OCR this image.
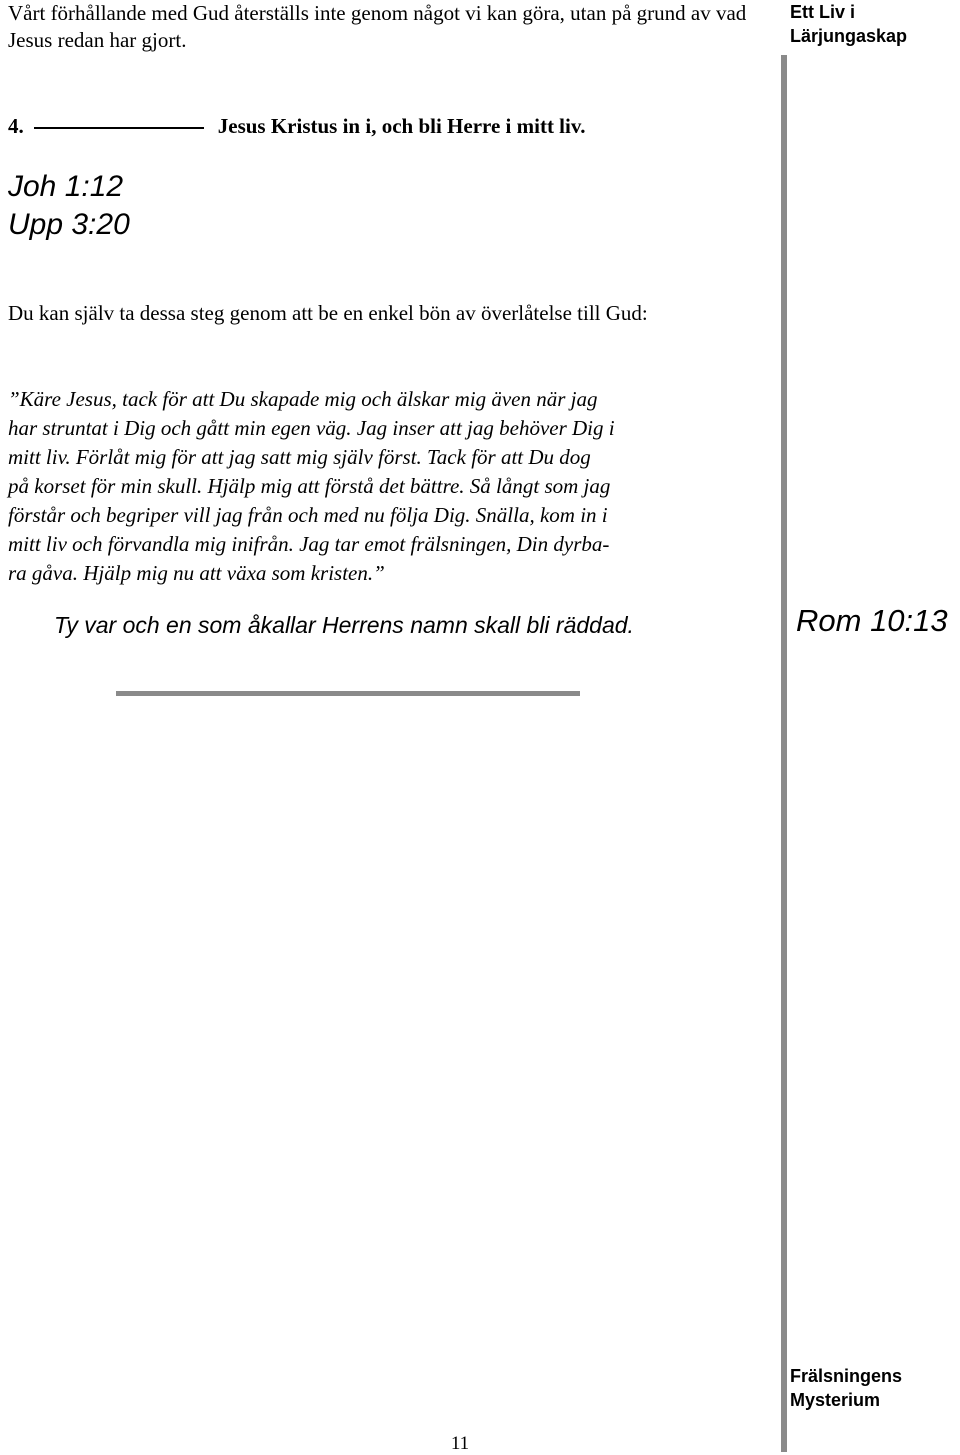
Vårt förhållande med Gud återställs inte genom något vi kan göra, utan på grund av vad Jesus redan har gjort.
Ett Liv i
Lärjungaskap
4.	Jesus Kristus in i, och bli Herre i mitt liv.
Joh 1:12
Upp 3:20
Du kan själv ta dessa steg genom att be en enkel bön av överlåtelse till Gud:
”Käre Jesus, tack för att Du skapade mig och älskar mig även när jag
har struntat i Dig och gått min egen väg. Jag inser att jag behöver Dig i
mitt liv. Förlåt mig för att jag satt mig själv först. Tack för att Du dog
på korset för min skull. Hjälp mig att förstå det bättre. Så långt som jag
förstår och begriper vill jag från och med nu följa Dig. Snälla, kom in i
mitt liv och förvandla mig inifrån. Jag tar emot frälsningen, Din dyrba-
ra gåva. Hjälp mig nu att växa som kristen.”
Ty var och en som åkallar Herrens namn skall bli räddad.	Rom 10:13
Frälsningens
Mysterium
11
